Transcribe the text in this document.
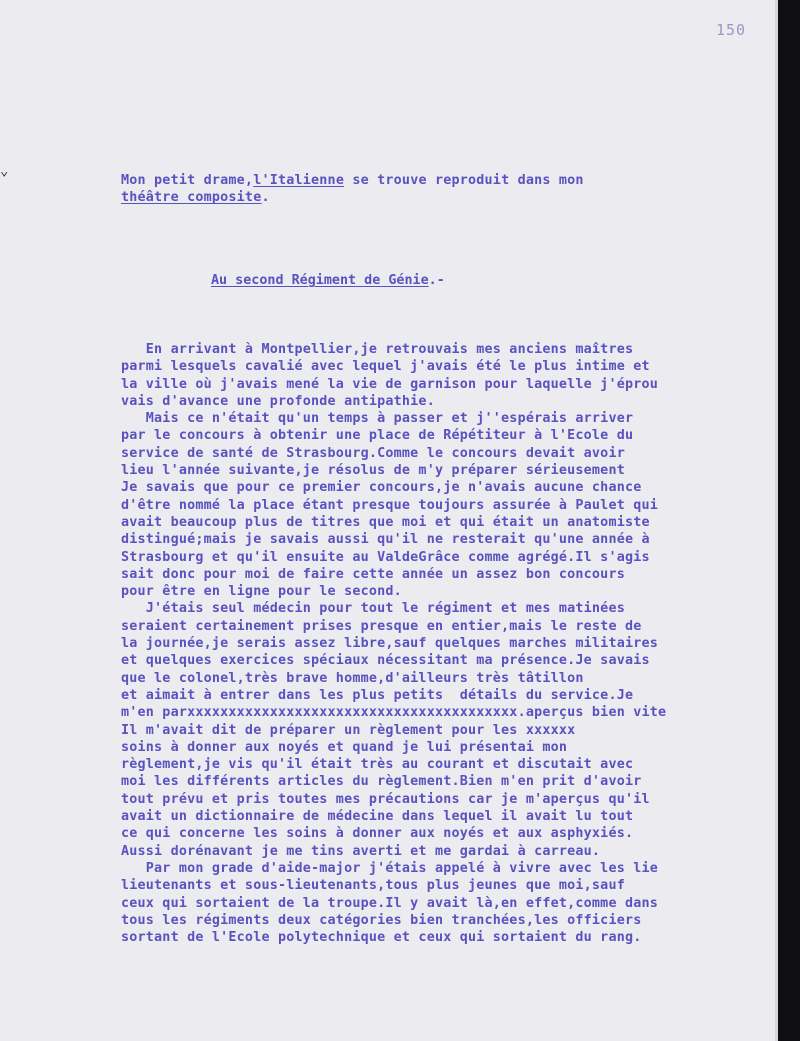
150
⌄
Mon petit drame,l'Italienne se trouve reproduit dans mon
théâtre composite.
Au second Régiment de Génie.-
En arrivant à Montpellier,je retrouvais mes anciens maîtres
parmi lesquels cavalié avec lequel j'avais été le plus intime et
la ville où j'avais mené la vie de garnison pour laquelle j'éprou
vais d'avance une profonde antipathie.
Mais ce n'était qu'un temps à passer et j''espérais arriver
par le concours à obtenir une place de Répétiteur à l'Ecole du
service de santé de Strasbourg.Comme le concours devait avoir
lieu l'année suivante,je résolus de m'y préparer sérieusement
Je savais que pour ce premier concours,je n'avais aucune chance
d'être nommé la place étant presque toujours assurée à Paulet qui
avait beaucoup plus de titres que moi et qui était un anatomiste
distingué;mais je savais aussi qu'il ne resterait qu'une année à
Strasbourg et qu'il ensuite au ValdeGrâce comme agrégé.Il s'agis
sait donc pour moi de faire cette année un assez bon concours
pour être en ligne pour le second.
J'étais seul médecin pour tout le régiment et mes matinées
seraient certainement prises presque en entier,mais le reste de
la journée,je serais assez libre,sauf quelques marches militaires
et quelques exercices spéciaux nécessitant ma présence.Je savais
que le colonel,très brave homme,d'ailleurs très tâtillon
et aimait à entrer dans les plus petits  détails du service.Je
m'en parxxxxxxxxxxxxxxxxxxxxxxxxxxxxxxxxxxxxxxxx.aperçus bien vite
Il m'avait dit de préparer un règlement pour les xxxxxx
soins à donner aux noyés et quand je lui présentai mon
règlement,je vis qu'il était très au courant et discutait avec
moi les différents articles du règlement.Bien m'en prit d'avoir
tout prévu et pris toutes mes précautions car je m'aperçus qu'il
avait un dictionnaire de médecine dans lequel il avait lu tout
ce qui concerne les soins à donner aux noyés et aux asphyxiés.
Aussi dorénavant je me tins averti et me gardai à carreau.
Par mon grade d'aide-major j'étais appelé à vivre avec les lie
lieutenants et sous-lieutenants,tous plus jeunes que moi,sauf
ceux qui sortaient de la troupe.Il y avait là,en effet,comme dans
tous les régiments deux catégories bien tranchées,les officiers
sortant de l'Ecole polytechnique et ceux qui sortaient du rang.
